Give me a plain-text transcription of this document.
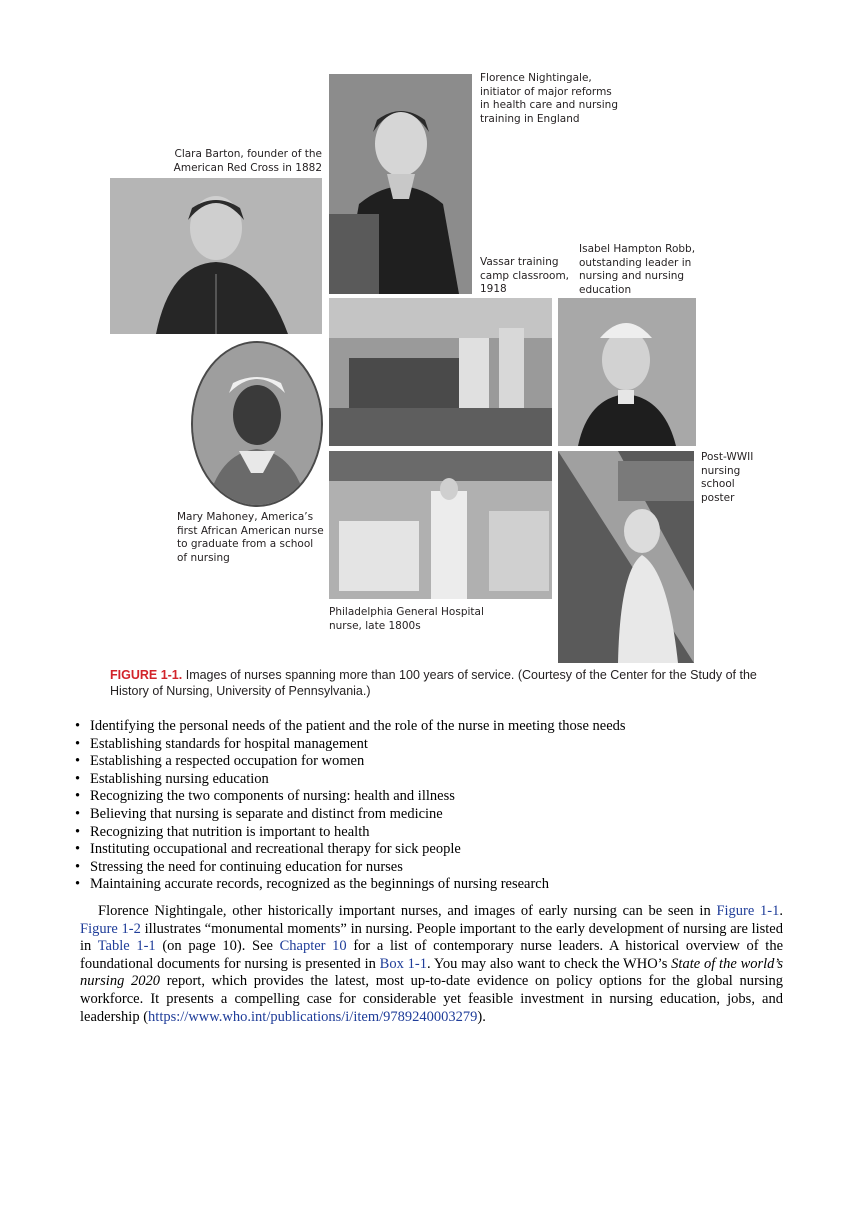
Florence Nightingale,
initiator of major reforms
in health care and nursing
training in England
Clara Barton, founder of the
American Red Cross in 1882
Vassar training
camp classroom,
1918
Isabel Hampton Robb,
outstanding leader in
nursing and nursing
education
Mary Mahoney, America’s
first African American nurse
to graduate from a school
of nursing
Philadelphia General Hospital
nurse, late 1800s
Post-WWII
nursing
school
poster
FIGURE 1-1. Images of nurses spanning more than 100 years of service. (Courtesy of the Center for the Study of the History of Nursing, University of Pennsylvania.)
• Identifying the personal needs of the patient and the role of the nurse in meeting those needs
• Establishing standards for hospital management
• Establishing a respected occupation for women
• Establishing nursing education
• Recognizing the two components of nursing: health and illness
• Believing that nursing is separate and distinct from medicine
• Recognizing that nutrition is important to health
• Instituting occupational and recreational therapy for sick people
• Stressing the need for continuing education for nurses
• Maintaining accurate records, recognized as the beginnings of nursing research

Florence Nightingale, other historically important nurses, and images of early nursing can be seen in Figure 1-1. Figure 1-2 illustrates “monumental moments” in nursing. People important to the early development of nursing are listed in Table 1-1 (on page 10). See Chapter 10 for a list of contemporary nurse leaders. A historical overview of the foundational documents for nursing is presented in Box 1-1. You may also want to check the WHO’s State of the world’s nursing 2020 report, which provides the latest, most up-to-date evidence on policy options for the global nursing workforce. It presents a compelling case for considerable yet feasible investment in nursing education, jobs, and leadership (https://www.who.int/publications/i/item/9789240003279).
